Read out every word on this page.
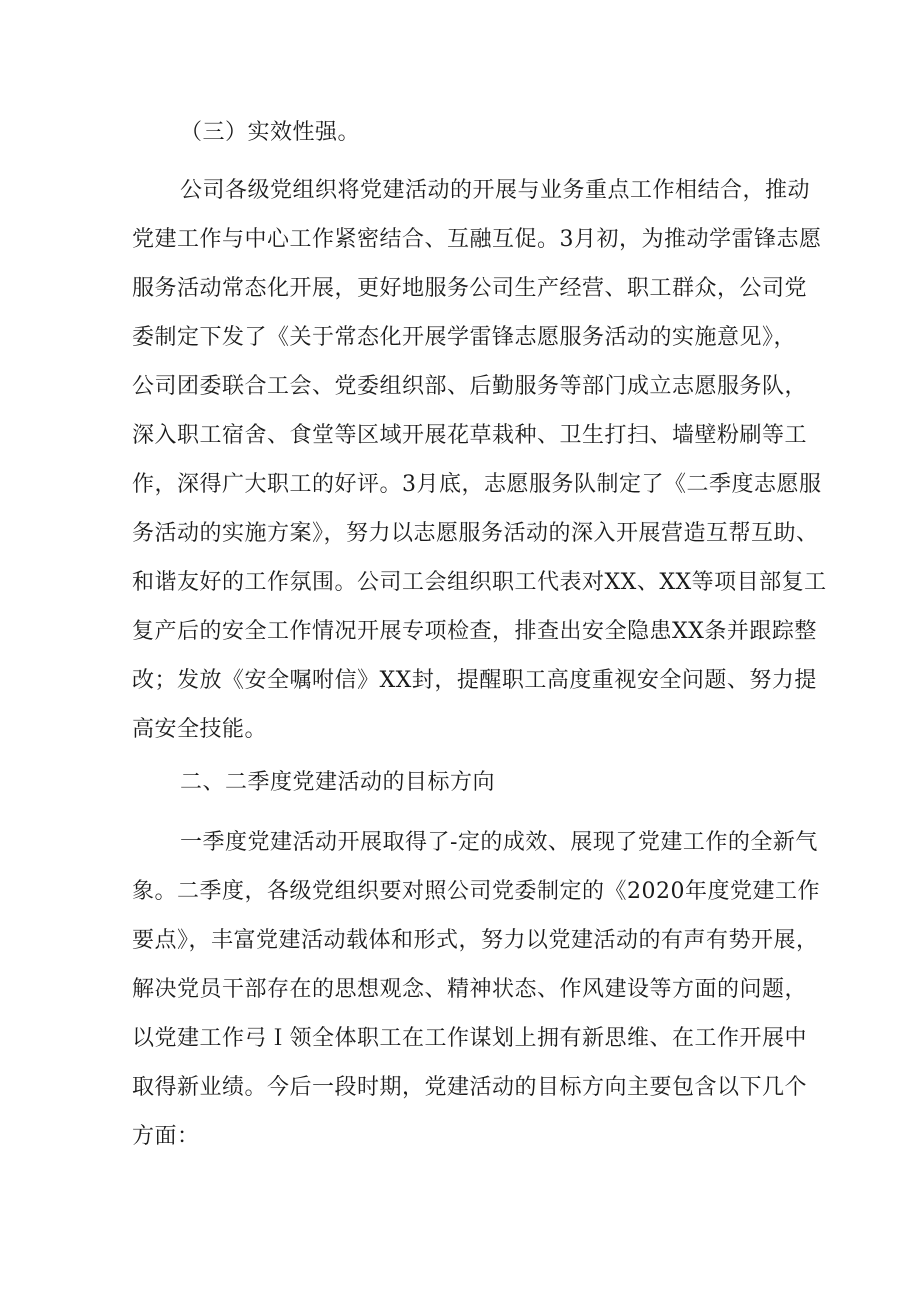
（三）实效性强。
公司各级党组织将党建活动的开展与业务重点工作相结合，推动
党建工作与中心工作紧密结合、互融互促。3月初，为推动学雷锋志愿
服务活动常态化开展，更好地服务公司生产经营、职工群众，公司党
委制定下发了《关于常态化开展学雷锋志愿服务活动的实施意见》，
公司团委联合工会、党委组织部、后勤服务等部门成立志愿服务队，
深入职工宿舍、食堂等区域开展花草栽种、卫生打扫、墙壁粉刷等工
作，深得广大职工的好评。3月底，志愿服务队制定了《二季度志愿服
务活动的实施方案》，努力以志愿服务活动的深入开展营造互帮互助、
和谐友好的工作氛围。公司工会组织职工代表对XX、XX等项目部复工
复产后的安全工作情况开展专项检查，排查出安全隐患XX条并跟踪整
改；发放《安全嘱咐信》XX封，提醒职工高度重视安全问题、努力提
高安全技能。
二、二季度党建活动的目标方向
一季度党建活动开展取得了-定的成效、展现了党建工作的全新气
象。二季度，各级党组织要对照公司党委制定的《2020年度党建工作
要点》，丰富党建活动载体和形式，努力以党建活动的有声有势开展，
解决党员干部存在的思想观念、精神状态、作风建设等方面的问题，
以党建工作弓Ｉ领全体职工在工作谋划上拥有新思维、在工作开展中
取得新业绩。今后一段时期，党建活动的目标方向主要包含以下几个
方面：
